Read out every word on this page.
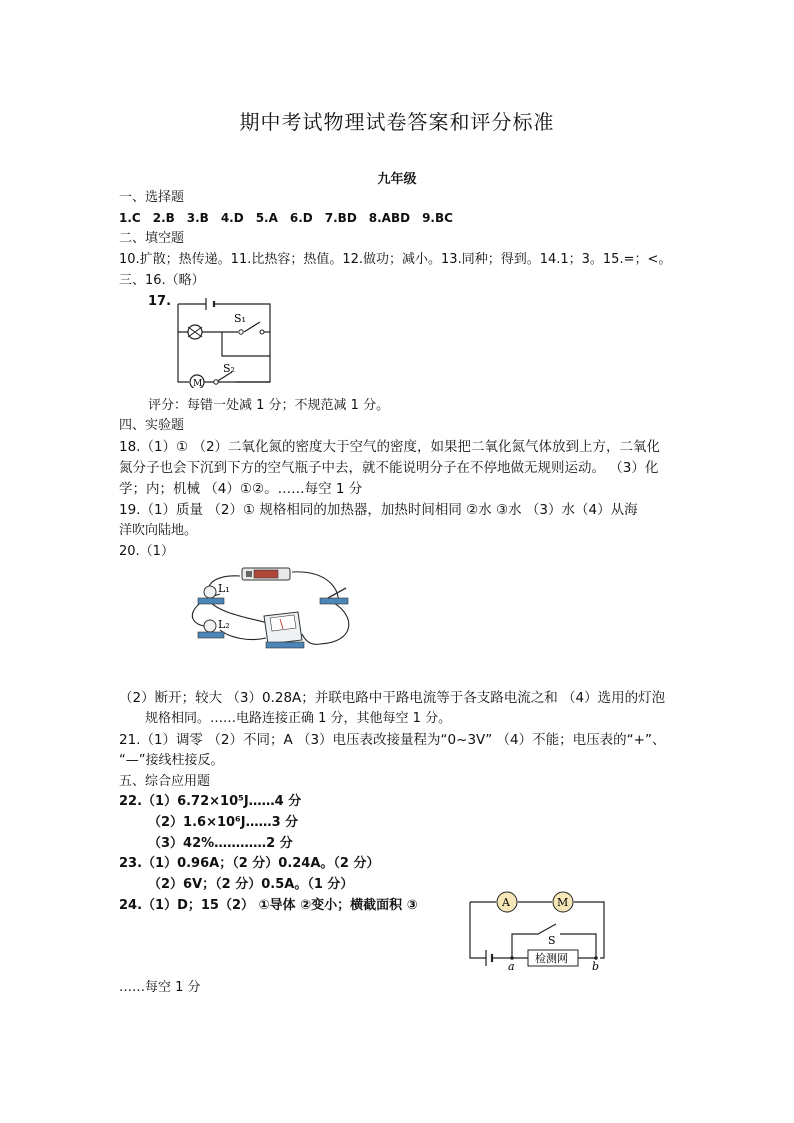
期中考试物理试卷答案和评分标准
九年级
一、选择题
1.C　2.B　3.B　4.D　5.A　6.D　7.BD　8.ABD　9.BC
二、填空题
10.扩散；热传递。11.比热容；热值。12.做功；减小。13.同种；得到。14.1；3。15.=；<。
三、16.（略）
17.
S₁
S₂
M
评分：每错一处减 1 分；不规范减 1 分。
四、实验题
18.（1）① （2）二氧化氮的密度大于空气的密度，如果把二氧化氮气体放到上方，二氧化
氮分子也会下沉到下方的空气瓶子中去，就不能说明分子在不停地做无规则运动。 （3）化
学；内；机械 （4）①②。……每空 1 分
19.（1）质量 （2）① 规格相同的加热器，加热时间相同 ②水 ③水 （3）水（4）从海
洋吹向陆地。
20.（1）
L₁
L₂
（2）断开；较大 （3）0.28A；并联电路中干路电流等于各支路电流之和 （4）选用的灯泡
规格相同。……电路连接正确 1 分，其他每空 1 分。
21.（1）调零 （2）不同；A （3）电压表改接量程为“0~3V” （4）不能；电压表的“+”、
“—”接线柱接反。
五、综合应用题
22.（1）6.72×10⁵J……4 分
（2）1.6×10⁶J……3 分
（3）42%…………2 分
23.（1）0.96A；（2 分）0.24A。（2 分）
（2）6V；（2 分）0.5A。（1 分）
24.（1）D；15（2） ①导体 ②变小；横截面积 ③	A	M
S
检测网
a	b
……每空 1 分
